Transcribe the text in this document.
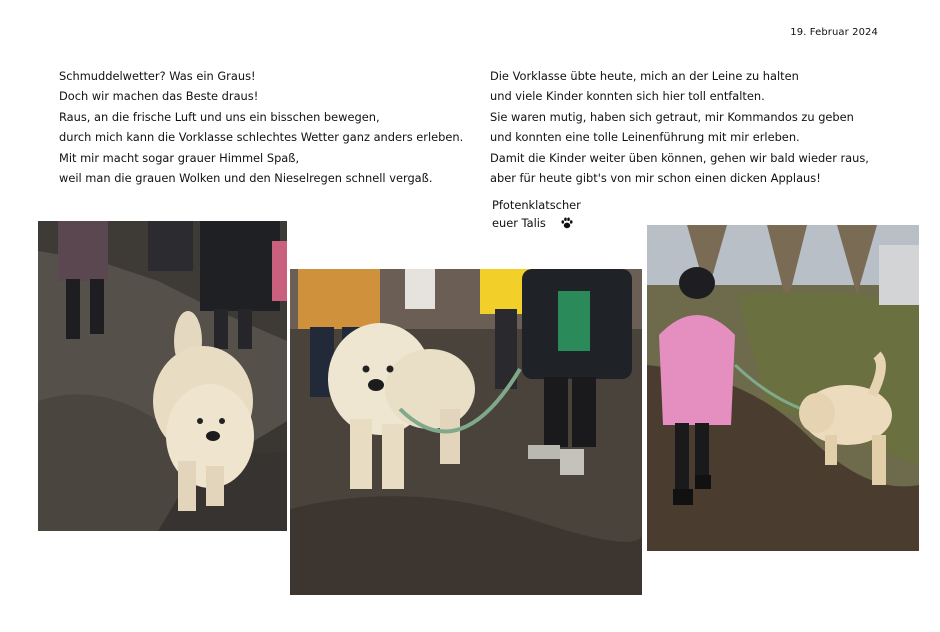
19. Februar 2024
Schmuddelwetter? Was ein Graus!
Doch wir machen das Beste draus!
Raus, an die frische Luft und uns ein bisschen bewegen,
durch mich kann die Vorklasse schlechtes Wetter ganz anders erleben.
Mit mir macht sogar grauer Himmel Spaß,
weil man die grauen Wolken und den Nieselregen schnell vergaß.
Die Vorklasse übte heute, mich an der Leine zu halten
und viele Kinder konnten sich hier toll entfalten.
Sie waren mutig, haben sich getraut, mir Kommandos zu geben
und konnten eine tolle Leinenführung mit mir erleben.
Damit die Kinder weiter üben können, gehen wir bald wieder raus,
aber für heute gibt's von mir schon einen dicken Applaus!
Pfotenklatscher
euer Talis
